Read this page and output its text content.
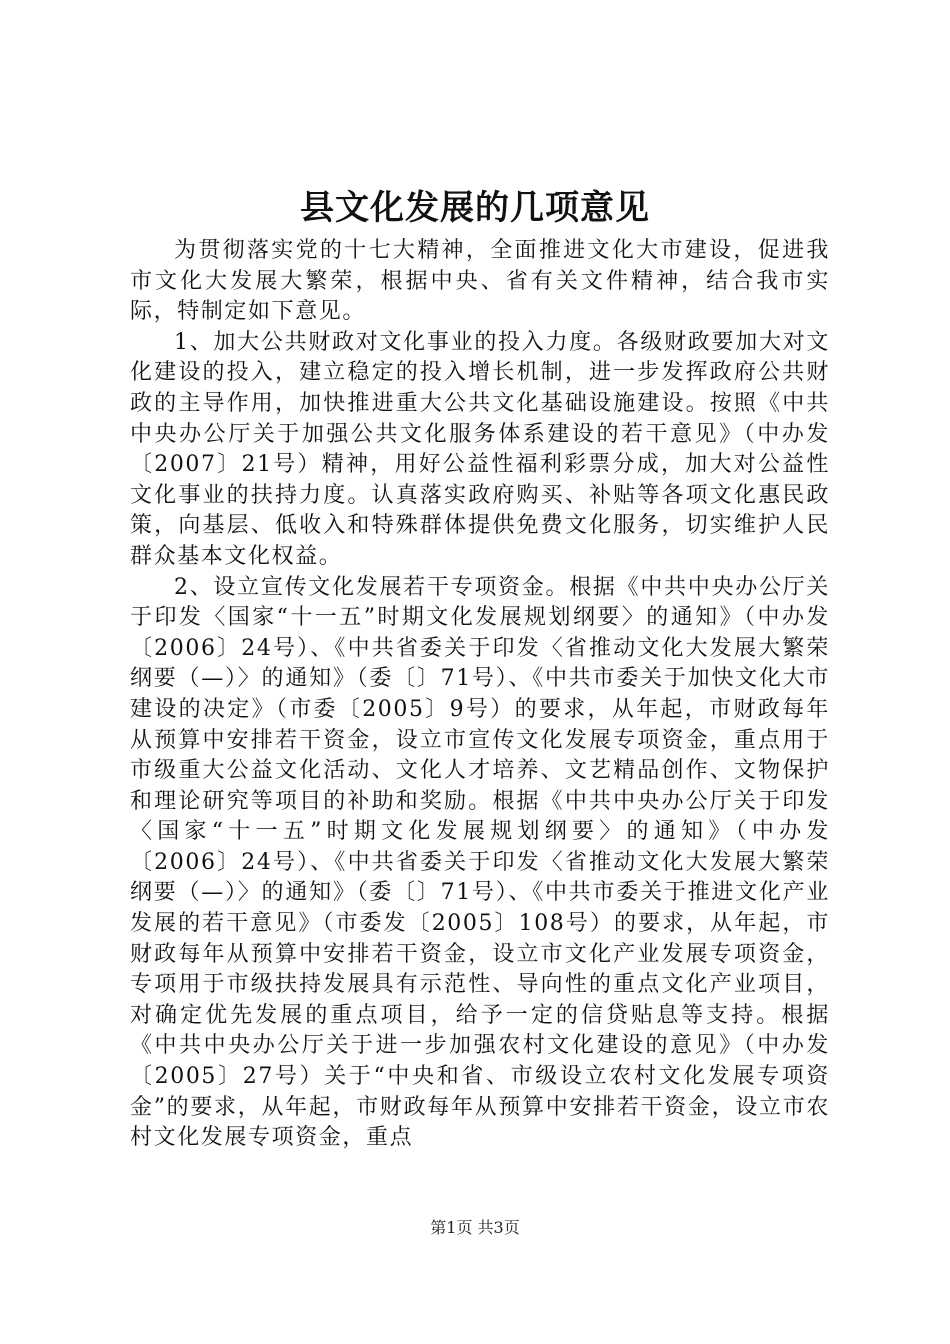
县文化发展的几项意见

为贯彻落实党的十七大精神，全面推进文化大市建设，促进我市文化大发展大繁荣，根据中央、省有关文件精神，结合我市实际，特制定如下意见。

1、加大公共财政对文化事业的投入力度。各级财政要加大对文化建设的投入，建立稳定的投入增长机制，进一步发挥政府公共财政的主导作用，加快推进重大公共文化基础设施建设。按照《中共中央办公厅关于加强公共文化服务体系建设的若干意见》（中办发〔2007〕21号）精神，用好公益性福利彩票分成，加大对公益性文化事业的扶持力度。认真落实政府购买、补贴等各项文化惠民政策，向基层、低收入和特殊群体提供免费文化服务，切实维护人民群众基本文化权益。

2、设立宣传文化发展若干专项资金。根据《中共中央办公厅关于印发〈国家“十一五”时期文化发展规划纲要〉的通知》（中办发〔2006〕24号）、《中共省委关于印发〈省推动文化大发展大繁荣纲要（—）〉的通知》（委〔〕71号）、《中共市委关于加快文化大市建设的决定》（市委〔2005〕9号）的要求，从年起，市财政每年从预算中安排若干资金，设立市宣传文化发展专项资金，重点用于市级重大公益文化活动、文化人才培养、文艺精品创作、文物保护和理论研究等项目的补助和奖励。根据《中共中央办公厅关于印发〈国家“十一五”时期文化发展规划纲要〉的通知》（中办发〔2006〕24号）、《中共省委关于印发〈省推动文化大发展大繁荣纲要（—）〉的通知》（委〔〕71号）、《中共市委关于推进文化产业发展的若干意见》（市委发〔2005〕108号）的要求，从年起，市财政每年从预算中安排若干资金，设立市文化产业发展专项资金，专项用于市级扶持发展具有示范性、导向性的重点文化产业项目，对确定优先发展的重点项目，给予一定的信贷贴息等支持。根据《中共中央办公厅关于进一步加强农村文化建设的意见》（中办发〔2005〕27号）关于“中央和省、市级设立农村文化发展专项资金”的要求，从年起，市财政每年从预算中安排若干资金，设立市农村文化发展专项资金，重点

第1页 共3页
